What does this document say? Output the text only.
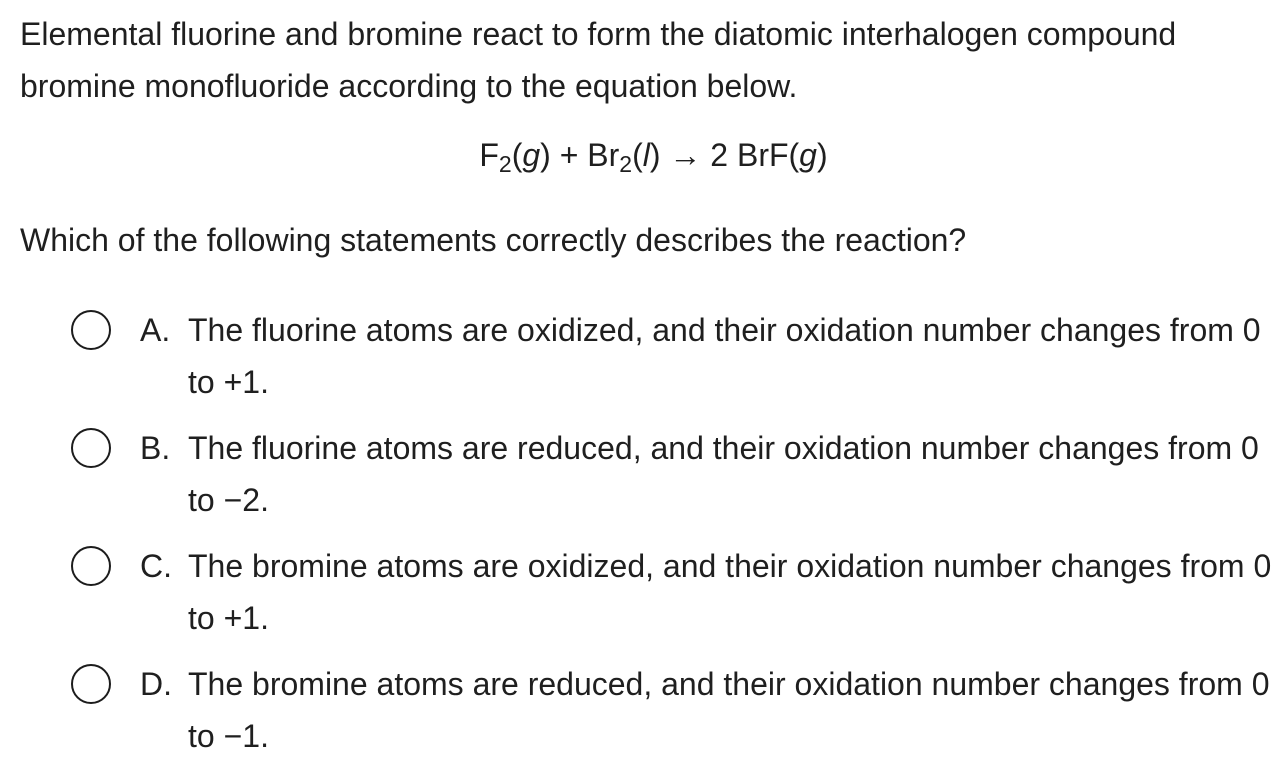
Elemental fluorine and bromine react to form the diatomic interhalogen compound bromine monofluoride according to the equation below.

$F_2(g) + Br_2(l) \to 2$ BrF(g)

Which of the following statements correctly describes the reaction?

A. The fluorine atoms are oxidized, and their oxidation number changes from 0 to +1.
B. The fluorine atoms are reduced, and their oxidation number changes from 0 to −2.
C. The bromine atoms are oxidized, and their oxidation number changes from 0 to +1.
D. The bromine atoms are reduced, and their oxidation number changes from 0 to −1.
